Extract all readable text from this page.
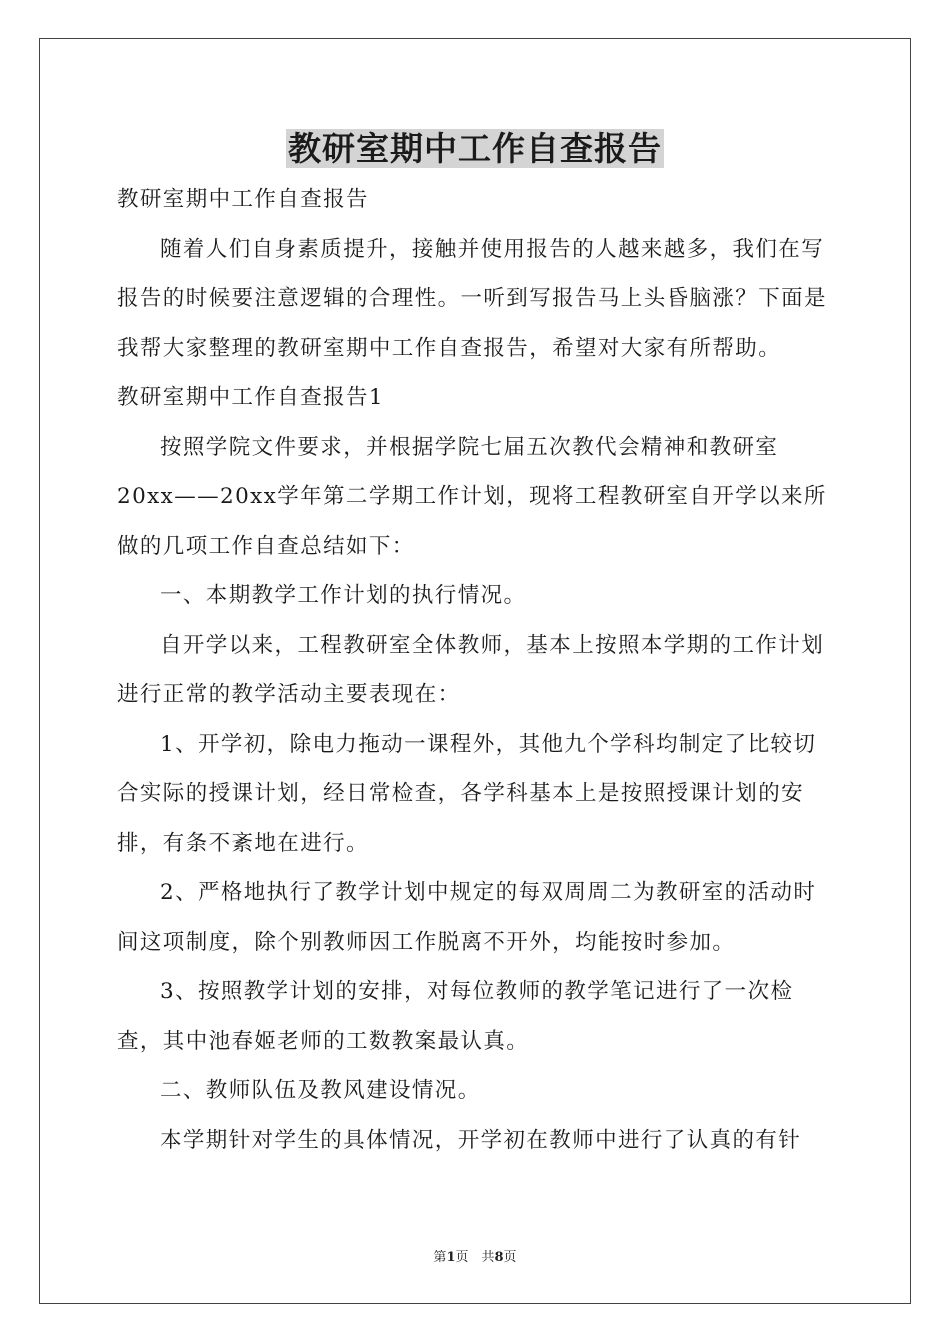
教研室期中工作自查报告

教研室期中工作自查报告

随着人们自身素质提升，接触并使用报告的人越来越多，我们在写报告的时候要注意逻辑的合理性。一听到写报告马上头昏脑涨？下面是我帮大家整理的教研室期中工作自查报告，希望对大家有所帮助。

教研室期中工作自查报告1

按照学院文件要求，并根据学院七届五次教代会精神和教研室20xx——20xx学年第二学期工作计划，现将工程教研室自开学以来所做的几项工作自查总结如下：

一、本期教学工作计划的执行情况。

自开学以来，工程教研室全体教师，基本上按照本学期的工作计划进行正常的教学活动主要表现在：

1、开学初，除电力拖动一课程外，其他九个学科均制定了比较切合实际的授课计划，经日常检查，各学科基本上是按照授课计划的安排，有条不紊地在进行。

2、严格地执行了教学计划中规定的每双周周二为教研室的活动时间这项制度，除个别教师因工作脱离不开外，均能按时参加。

3、按照教学计划的安排，对每位教师的教学笔记进行了一次检查，其中池春姬老师的工数教案最认真。

二、教师队伍及教风建设情况。

本学期针对学生的具体情况，开学初在教师中进行了认真的有针

第1页　共8页
